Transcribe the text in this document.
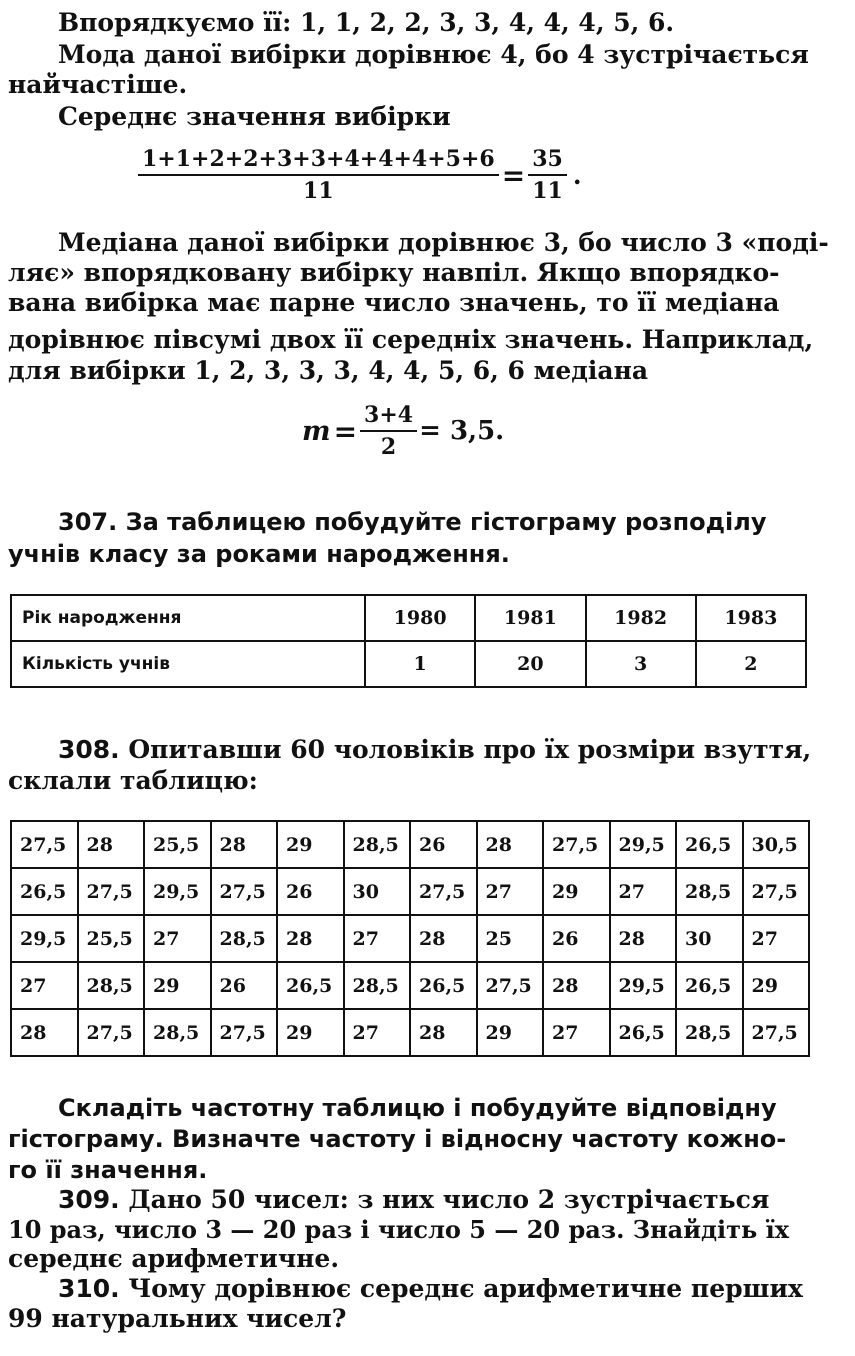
Впорядкуємо її: 1, 1, 2, 2, 3, 3, 4, 4, 4, 5, 6.
Мода даної вибірки дорівнює 4, бо 4 зустрічається
найчастіше.
Середнє значення вибірки
$\frac{1+1+2+2+3+3+4+4+4+5+6}{11} = \frac{35}{11}$ .
Медіана даної вибірки дорівнює 3, бо число 3 «поді-
ляє» впорядковану вибірку навпіл. Якщо впорядко-
вана вибірка має парне число значень, то її медіана
дорівнює півсумі двох її середніх значень. Наприклад,
для вибірки 1, 2, 3, 3, 3, 4, 4, 5, 6, 6 медіана
$m = \frac{3+4}{2} = 3,5$.
307. За таблицею побудуйте гістограму розподілу
учнів класу за роками народження.
Рік народження	1980	1981	1982	1983
Кількість учнів	1	20	3	2
308. Опитавши 60 чоловіків про їх розміри взуття,
склали таблицю:
27,5	28	25,5	28	29	28,5	26	28	27,5	29,5	26,5	30,5
26,5	27,5	29,5	27,5	26	30	27,5	27	29	27	28,5	27,5
29,5	25,5	27	28,5	28	27	28	25	26	28	30	27
27	28,5	29	26	26,5	28,5	26,5	27,5	28	29,5	26,5	29
28	27,5	28,5	27,5	29	27	28	29	27	26,5	28,5	27,5
Складіть частотну таблицю і побудуйте відповідну
гістограму. Визначте частоту і відносну частоту кожно-
го її значення.
309. Дано 50 чисел: з них число 2 зустрічається
10 раз, число 3 — 20 раз і число 5 — 20 раз. Знайдіть їх
середнє арифметичне.
310. Чому дорівнює середнє арифметичне перших
99 натуральних чисел?
